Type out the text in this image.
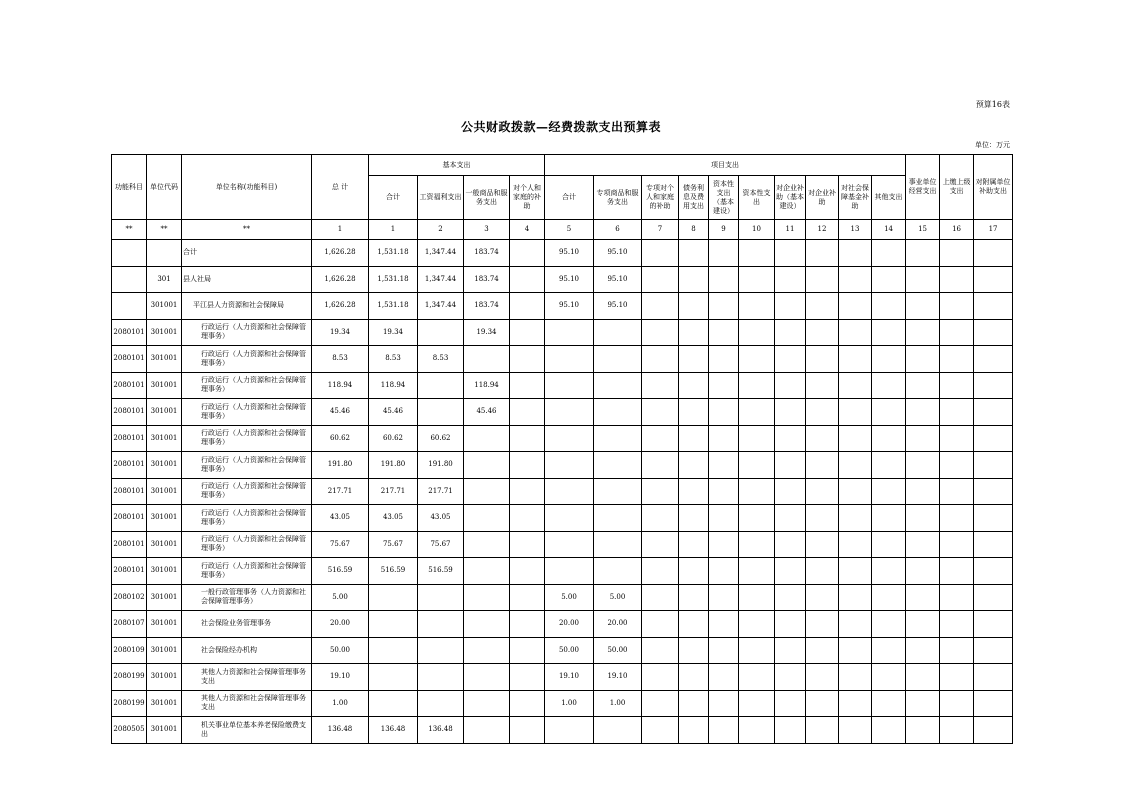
预算16表
公共财政拨款—经费拨款支出预算表
单位：万元
功能科目	单位代码	单位名称(功能科目)	总 计	基本支出				项目支出										事业单位经营支出	上缴上级支出	对附属单位补助支出
				合计	工资福利支出	一般商品和服务支出	对个人和家庭的补助	合计	专项商品和服务支出	专项对个人和家庭的补助	债务利息及费用支出	资本性支出（基本建设）	资本性支出	对企业补助（基本建设）	对企业补助	对社会保障基金补助	其他支出			
**	**	**	1	1	2	3	4	5	6	7	8	9	10	11	12	13	14	15	16	17

		合计	1,626.28	1,531.18	1,347.44	183.74		95.10	95.10											
	301	县人社局	1,626.28	1,531.18	1,347.44	183.74		95.10	95.10											
	301001	平江县人力资源和社会保障局	1,626.28	1,531.18	1,347.44	183.74		95.10	95.10											
2080101	301001	行政运行（人力资源和社会保障管理事务）	19.34	19.34		19.34														
2080101	301001	行政运行（人力资源和社会保障管理事务）	8.53	8.53	8.53															
2080101	301001	行政运行（人力资源和社会保障管理事务）	118.94	118.94		118.94														
2080101	301001	行政运行（人力资源和社会保障管理事务）	45.46	45.46		45.46														
2080101	301001	行政运行（人力资源和社会保障管理事务）	60.62	60.62	60.62															
2080101	301001	行政运行（人力资源和社会保障管理事务）	191.80	191.80	191.80															
2080101	301001	行政运行（人力资源和社会保障管理事务）	217.71	217.71	217.71															
2080101	301001	行政运行（人力资源和社会保障管理事务）	43.05	43.05	43.05															
2080101	301001	行政运行（人力资源和社会保障管理事务）	75.67	75.67	75.67															
2080101	301001	行政运行（人力资源和社会保障管理事务）	516.59	516.59	516.59															
2080102	301001	一般行政管理事务（人力资源和社会保障管理事务）	5.00					5.00	5.00											
2080107	301001	社会保险业务管理事务	20.00					20.00	20.00											
2080109	301001	社会保险经办机构	50.00					50.00	50.00											
2080199	301001	其他人力资源和社会保障管理事务支出	19.10					19.10	19.10											
2080199	301001	其他人力资源和社会保障管理事务支出	1.00					1.00	1.00											
2080505	301001	机关事业单位基本养老保险缴费支出	136.48	136.48	136.48															
